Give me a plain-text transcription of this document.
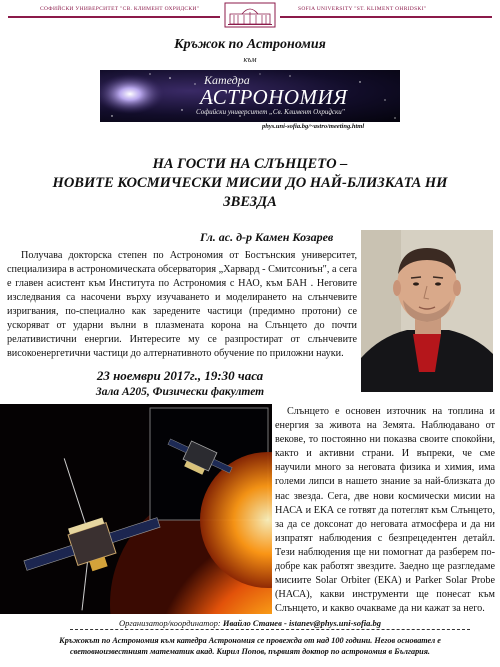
СОФИЙСКИ УНИВЕРСИТЕТ "СВ. КЛИМЕНТ ОХРИДСКИ"	SOFIA UNIVERSITY "ST. KLIMENT OHRIDSKI"
Кръжок по Астрономия
към
Катедра
АСТРОНОМИЯ
Софийски университет „Св. Климент Охридски"
phys.uni-sofia.bg/~astro/meeting.html
НА ГОСТИ НА СЛЪНЦЕТО –
НОВИТЕ КОСМИЧЕСКИ МИСИИ ДО НАЙ-БЛИЗКАТА НИ
ЗВЕЗДА
Гл. ас. д-р Камен Козарев

Получава докторска степен по Астрономия от Бостънския университет, специализира в астрономическата обсерватория „Харвард - Смитсониън", а сега е главен асистент към Института по Астрономия с НАО, към БАН . Неговите изследвания са насочени върху изучаването и моделирането на слънчевите изригвания, по-специално как заредените частици (предимно протони) се ускоряват от ударни вълни в плазмената корона на Слънцето до почти релативистични енергии. Интересите му се разпростират от слънчевите високоенергетични частици до алтернативното обучение по приложни науки.

23 ноември 2017г., 19:30 часа
Зала А205, Физически факултет

Слънцето е основен източник на топлина и енергия за живота на Земята. Наблюдавано от векове, то постоянно ни показва своите спокойни, както и активни страни. И въпреки, че сме научили много за неговата физика и химия, има големи липси в нашето знание за най-близката до нас звезда. Сега, две нови космически мисии на НАСА и ЕКА се готвят да потеглят към Слънцето, за да се доксонат до неговата атмосфера и да ни изпратят наблюдения с безпрецедентен детайл. Тези наблюдения ще ни помогнат да разберем по-добре как работят звездите. Заедно ще разгледаме мисиите Solar Orbiter (ЕКА) и Parker Solar Probe (НАСА), какви инструменти ще понесат към Слънцето, и какво очакваме да ни кажат за него.

Организатор/координатор: Ивайло Станев - istanev@phys.uni-sofia.bg
Кръжокът по Астрономия към катедра Астрономия се провежда от над 100 години. Негов основател е
световноизвестният математик акад. Кирил Попов, първият доктор по астрономия в България.
